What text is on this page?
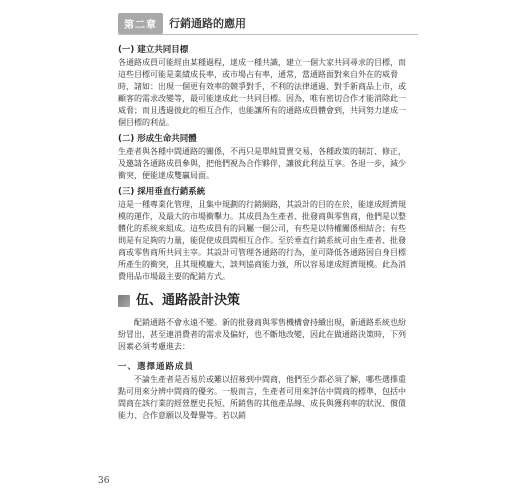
第二章	行銷通路的應用
(一) 建立共同目標

各通路成員可能經由某種過程，達成一種共識，建立一個大家共同尋求的目標，而這些目標可能是業績成長率，或市場占有率，通常，當通路面對來自外在的威脅時，諸如：出現一個更有效率的競爭對手，不利的法律通過、對手新商品上市，或顧客的需求改變等，最可能達成此一共同目標。因為，唯有密切合作才能消除此一威脅；而且透過彼此的相互合作，也能讓所有的通路成員體會到，共同努力達成一個目標的利益。

(二) 形成生命共同體

生產者與各種中間通路的關係，不再只是單純買賣交易，各種政策的制訂、修正，及邀請各通路成員參與，把他們視為合作夥伴，讓彼此利益互享。各退一步，減少衝突，便能達成雙贏局面。

(三) 採用垂直行銷系統

這是一種專業化管理，且集中規劃的行銷網路，其設計的目的在於，能達成經濟規模的運作，及最大的市場衝擊力。其成員為生產者、批發商與零售商，他們是以整體化的系統來組成。這些成員有的同屬一個公司，有些是以特權關係相結合；有些則是有足夠的力量，能促使成員間相互合作。至於垂直行銷系統可由生產者、批發商或零售商所共同主宰。其設計可管理各通路的行為，並可降低各通路因自身目標所產生的衝突，且其規模龐大，談判協商能力強，所以容易達成經濟規模。此為消費用品市場最主要的配銷方式。

伍、通路設計決策

配銷通路不會永遠不變。新的批發商與零售機構會持續出現，新通路系統也紛紛冒出，甚至連消費者的需求及偏好，也不斷地改變，因此在做通路決策時，下列因素必須考慮進去：

一、選擇通路成員

不論生產者是否易於或難以招募到中間商，他們至少都必須了解，哪些選擇重點可用來分辨中間商的優劣。一般而言，生產者可用來評估中間商的標準，包括中間商在該行業的經營歷史長短、所銷售的其他產品線、成長與獲利率的狀況、償債能力、合作意願以及聲譽等。若以銷

36
